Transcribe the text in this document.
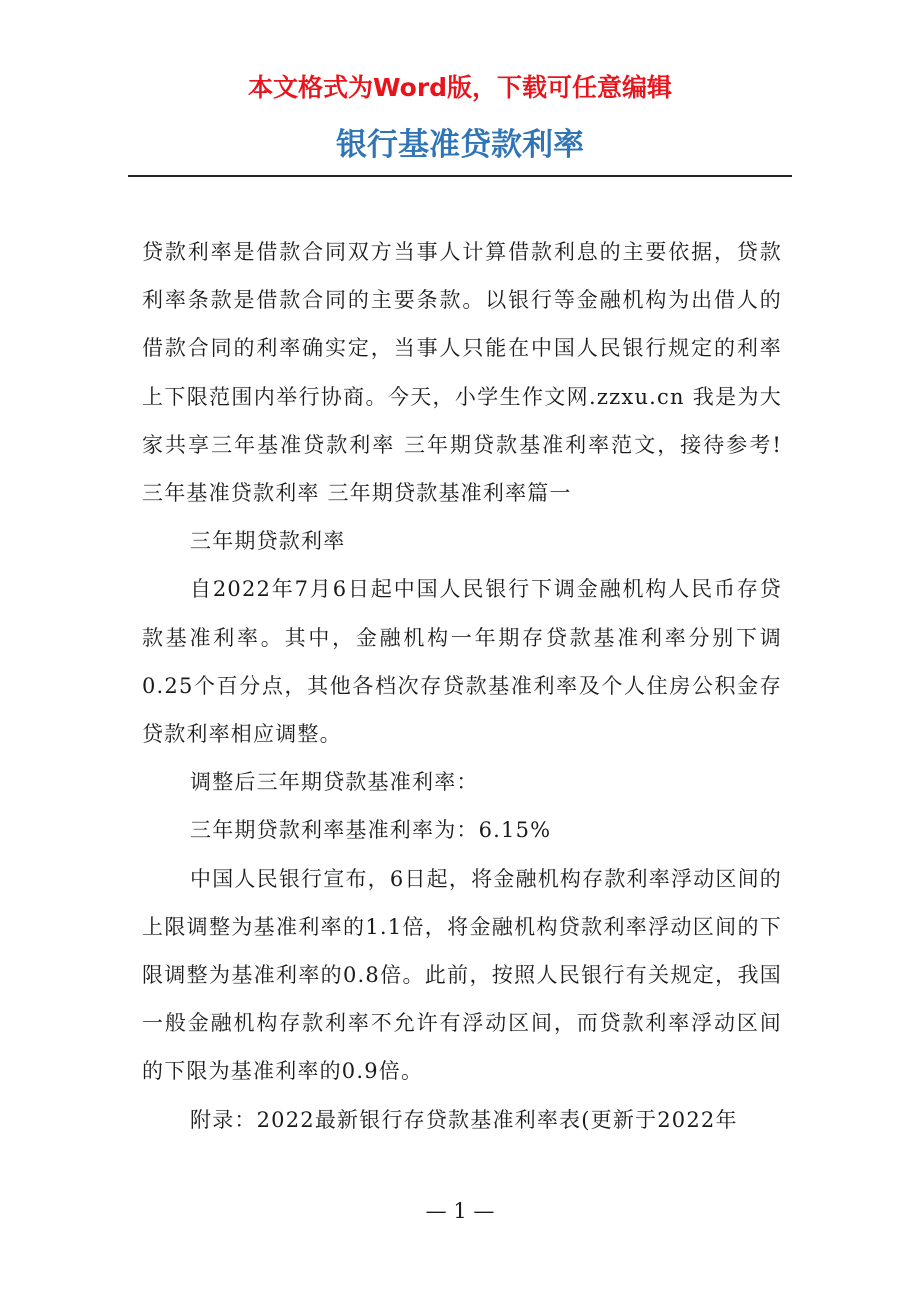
本文格式为Word版，下载可任意编辑
银行基准贷款利率

贷款利率是借款合同双方当事人计算借款利息的主要依据，贷款利率条款是借款合同的主要条款。以银行等金融机构为出借人的借款合同的利率确实定，当事人只能在中国人民银行规定的利率上下限范围内举行协商。今天，小学生作文网.zzxu.cn 我是为大家共享三年基准贷款利率 三年期贷款基准利率范文，接待参考!　　三年基准贷款利率 三年期贷款基准利率篇一

三年期贷款利率

自2022年7月6日起中国人民银行下调金融机构人民币存贷款基准利率。其中，金融机构一年期存贷款基准利率分别下调0.25个百分点，其他各档次存贷款基准利率及个人住房公积金存贷款利率相应调整。

调整后三年期贷款基准利率：

三年期贷款利率基准利率为：6.15%

中国人民银行宣布，6日起，将金融机构存款利率浮动区间的上限调整为基准利率的1.1倍，将金融机构贷款利率浮动区间的下限调整为基准利率的0.8倍。此前，按照人民银行有关规定，我国一般金融机构存款利率不允许有浮动区间，而贷款利率浮动区间的下限为基准利率的0.9倍。

附录：2022最新银行存贷款基准利率表(更新于2022年

— 1 —
